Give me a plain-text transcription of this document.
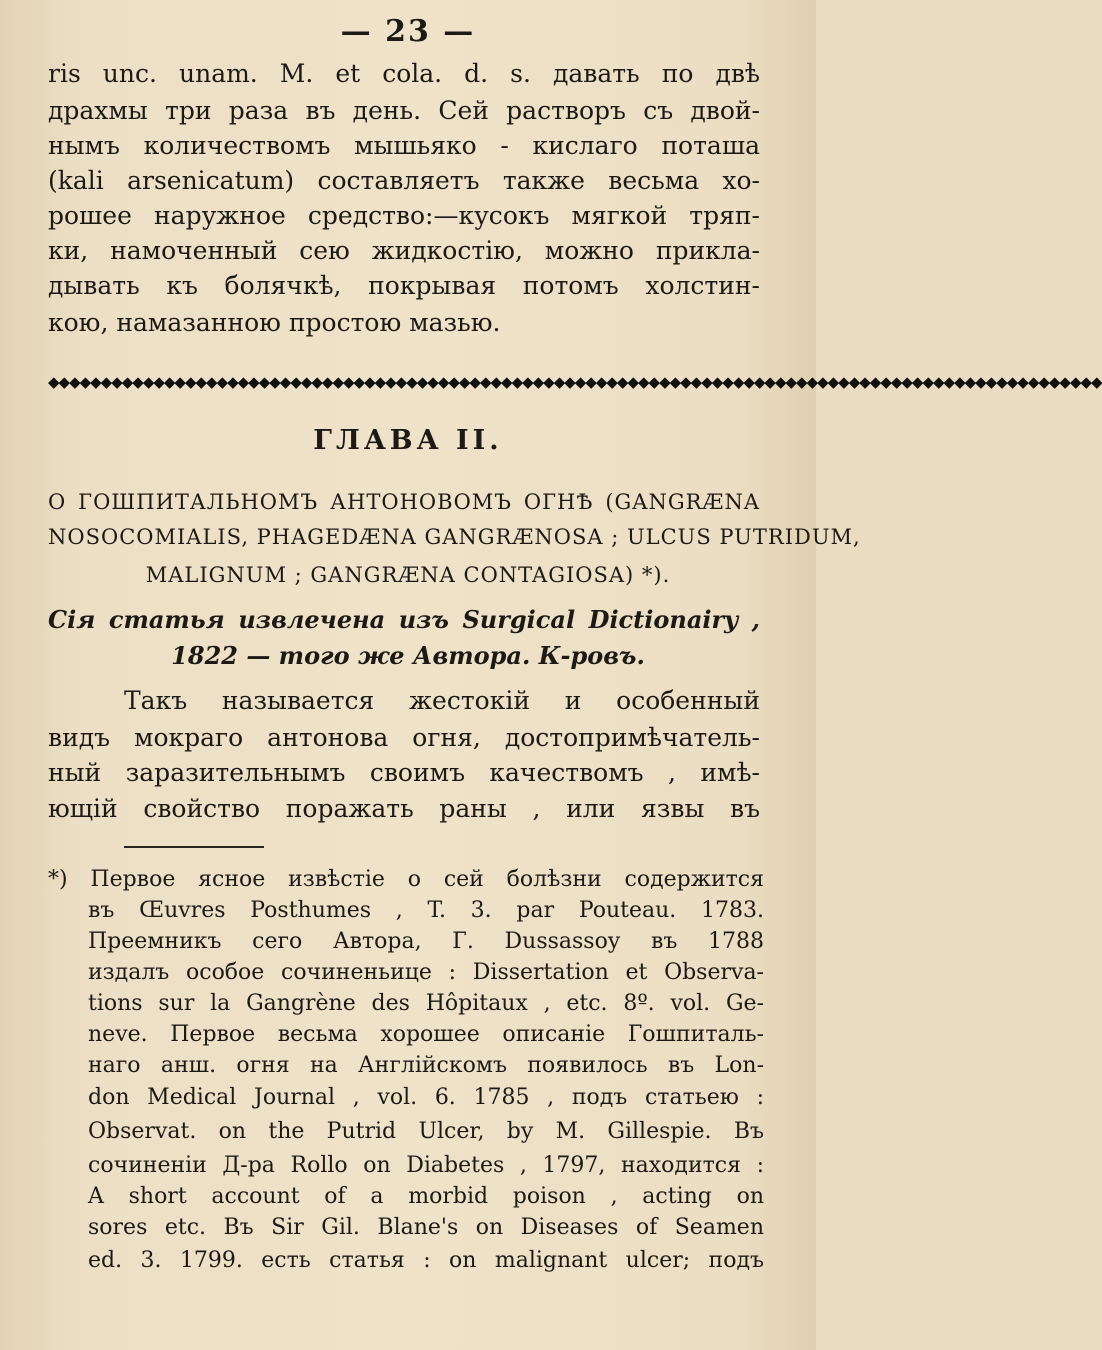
— 23 —
ris unc. unam. M. et cola. d. s. давать по двѣ
драхмы три раза въ день. Сей растворъ съ двой-
нымъ количествомъ мышьяко - кислаго поташа
(kali arsenicatum) составляетъ также весьма хо-
рошее наружное средство:—кусокъ мягкой тряп-
ки, намоченный сею жидкостію, можно прикла-
дывать къ болячкѣ, покрывая потомъ холстин-
кою, намазанною простою мазью.
◆◆◆◆◆◆◆◆◆◆◆◆◆◆◆◆◆◆◆◆◆◆◆◆◆◆◆◆◆◆◆◆◆◆◆◆◆◆◆◆◆◆◆◆◆◆◆◆◆◆◆◆◆◆◆◆◆◆◆◆◆◆◆◆◆◆◆◆◆◆◆◆◆◆◆◆◆◆◆◆◆◆◆◆◆◆◆◆◆◆◆◆◆◆◆◆◆◆◆◆
ГЛАВА II.
О ГОШПИТАЛЬНОМЪ АНТОНОВОМЪ ОГНѢ (GANGRÆNA
NOSOCOMIALIS, PHAGEDÆNA GANGRÆNOSA ; ULCUS PUTRIDUM,
MALIGNUM ; GANGRÆNA CONTAGIOSA) *).
Сія статья извлечена изъ Surgical Dictionairy ,
1822 — того же Автора. К-ровъ.
Такъ называется жестокій и особенный
видъ мокраго антонова огня, достопримѣчатель-
ный заразительнымъ своимъ качествомъ , имѣ-
ющій свойство поражать раны , или язвы въ
*) Первое ясное извѣстіе о сей болѣзни содержится
въ Œuvres Posthumes , T. 3. par Pouteau. 1783.
Преемникъ сего Автора, Г. Dussassoy въ 1788
издалъ особое сочиненьице : Dissertation et Observa-
tions sur la Gangrène des Hôpitaux , etc. 8º. vol. Ge-
neve. Первое весьма хорошее описаніе Гошпиталь-
наго анш. огня на Англійскомъ появилось въ Lon-
don Medical Journal , vol. 6. 1785 , подъ статьею :
Observat. on the Putrid Ulcer, by M. Gillespie. Въ
сочиненіи Д-ра Rollo on Diabetes , 1797, находится :
A short account of a morbid poison , acting on
sores etc. Въ Sir Gil. Blane's on Diseases of Seamen
ed. 3. 1799. есть статья : on malignant ulcer; подъ
